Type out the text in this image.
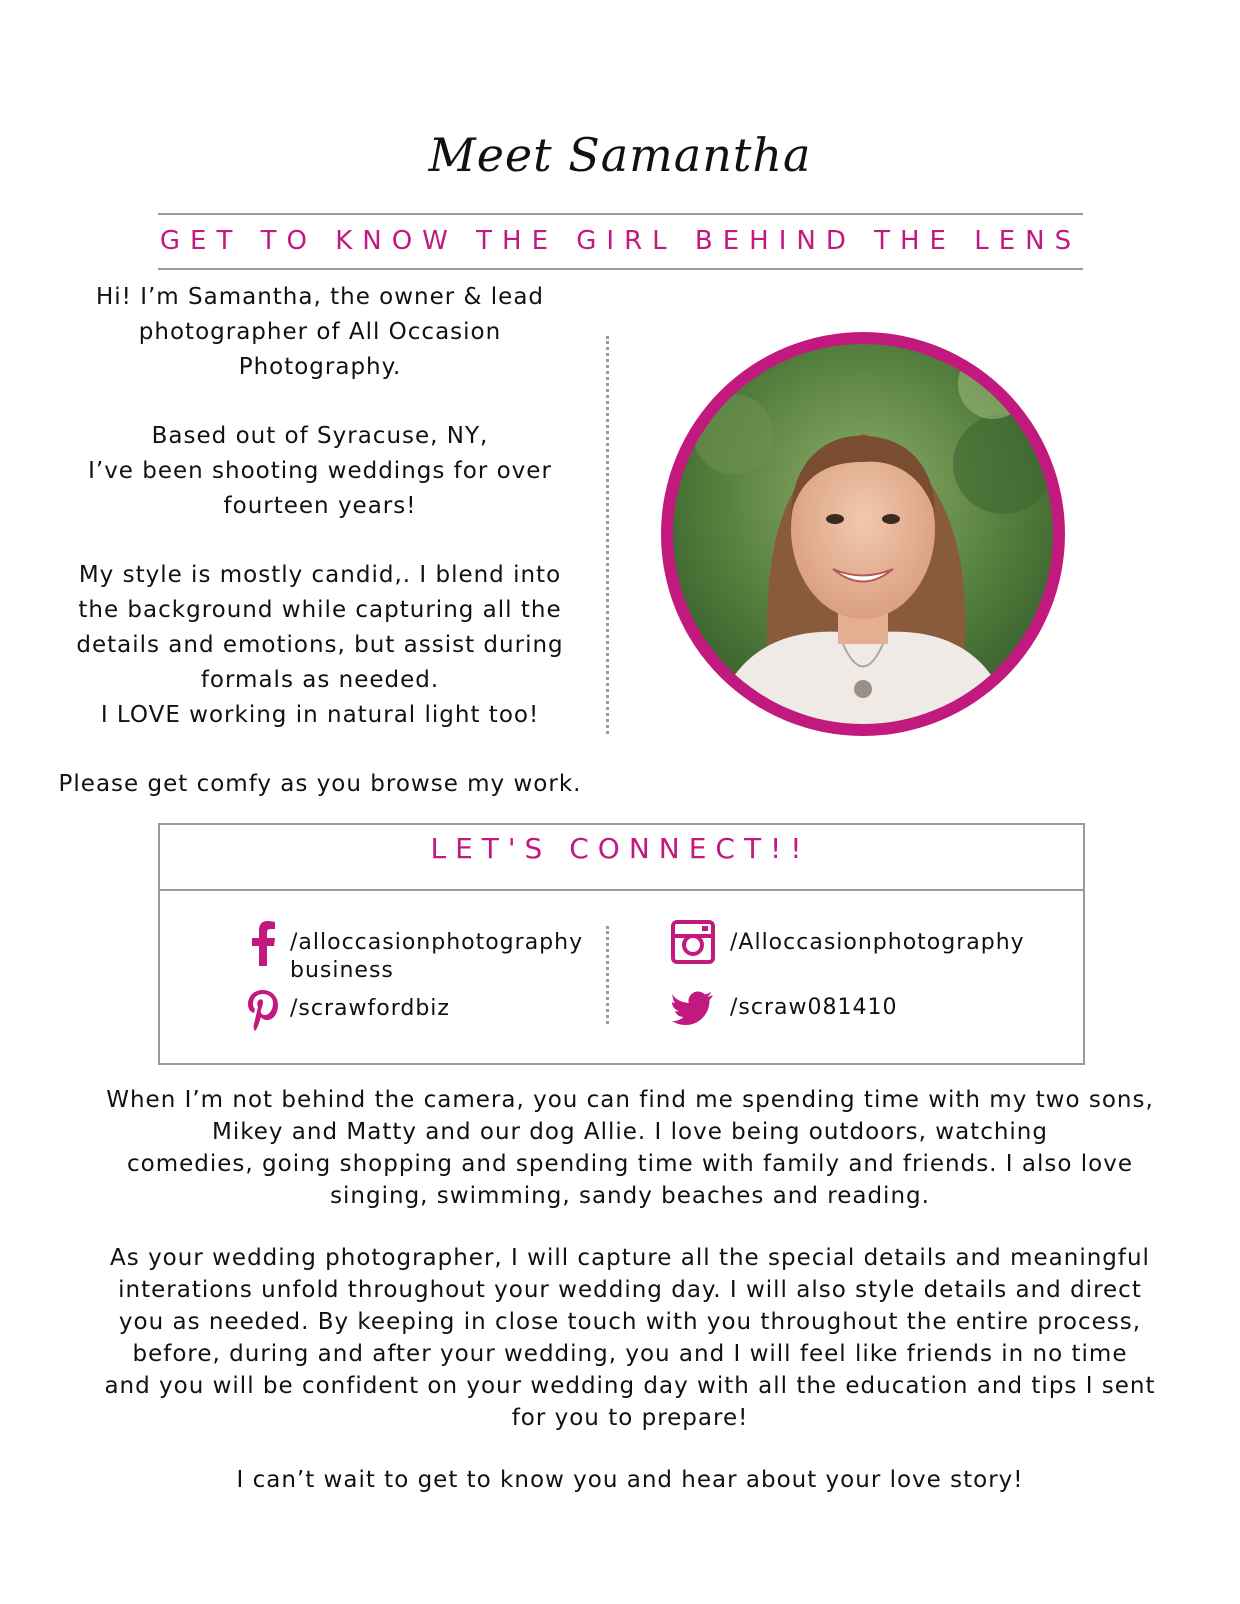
Meet Samantha
GET TO KNOW THE GIRL BEHIND THE LENS
Hi! I’m Samantha, the owner & lead
photographer of All Occasion
Photography.
Based out of Syracuse, NY,
I’ve been shooting weddings for over
fourteen years!
My style is mostly candid,. I blend into
the background while capturing all the
details and emotions, but assist during
formals as needed.
I LOVE working in natural light too!
Please get comfy as you browse my work.
LET'S CONNECT!!
/alloccasionphotography
business
/scrawfordbiz
/Alloccasionphotography
/scraw081410
When I’m not behind the camera, you can find me spending time with my two sons,
Mikey and Matty and our dog Allie. I love being outdoors, watching
comedies, going shopping and spending time with family and friends. I also love
singing, swimming, sandy beaches and reading.
As your wedding photographer, I will capture all the special details and meaningful
interations unfold throughout your wedding day. I will also style details and direct
you as needed. By keeping in close touch with you throughout the entire process,
before, during and after your wedding, you and I will feel like friends in no time
and you will be confident on your wedding day with all the education and tips I sent
for you to prepare!
I can’t wait to get to know you and hear about your love story!
